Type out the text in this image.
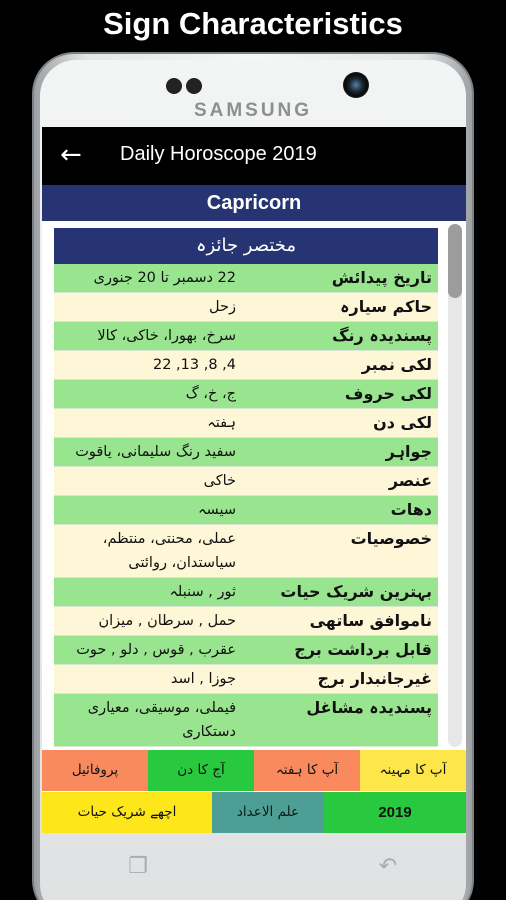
Sign Characteristics
SAMSUNG
❐	↶
← Daily Horoscope 2019
Capricorn
مختصر جائزہ
تاریخ پیدائش	22 دسمبر تا 20 جنوری
حاکم سیارہ	زحل
پسندیدہ رنگ	سرخ، بھورا، خاکی، کالا
لکی نمبر	4, 8, 13, 22
لکی حروف	ج، خ، گ
لکی دن	ہفتہ
جواہر	سفید رنگ سلیمانی، یاقوت
عنصر	خاکی
دھات	سیسہ
خصوصیات	عملی، محنتی، منتظم، سیاستدان، روائتی
بہترین شریک حیات	ثور , سنبلہ
ناموافق ساتھی	حمل , سرطان , میزان
قابل برداشت برج	عقرب , قوس , دلو , حوت
غیرجانبدار برج	جوزا , اسد
پسندیدہ مشاغل	فیملی، موسیقی، معیاری دستکاری
پروفائیل	آج کا دن	آپ کا ہفتہ	آپ کا مہینہ
اچھے شریک حیات	علم الاعداد	2019
